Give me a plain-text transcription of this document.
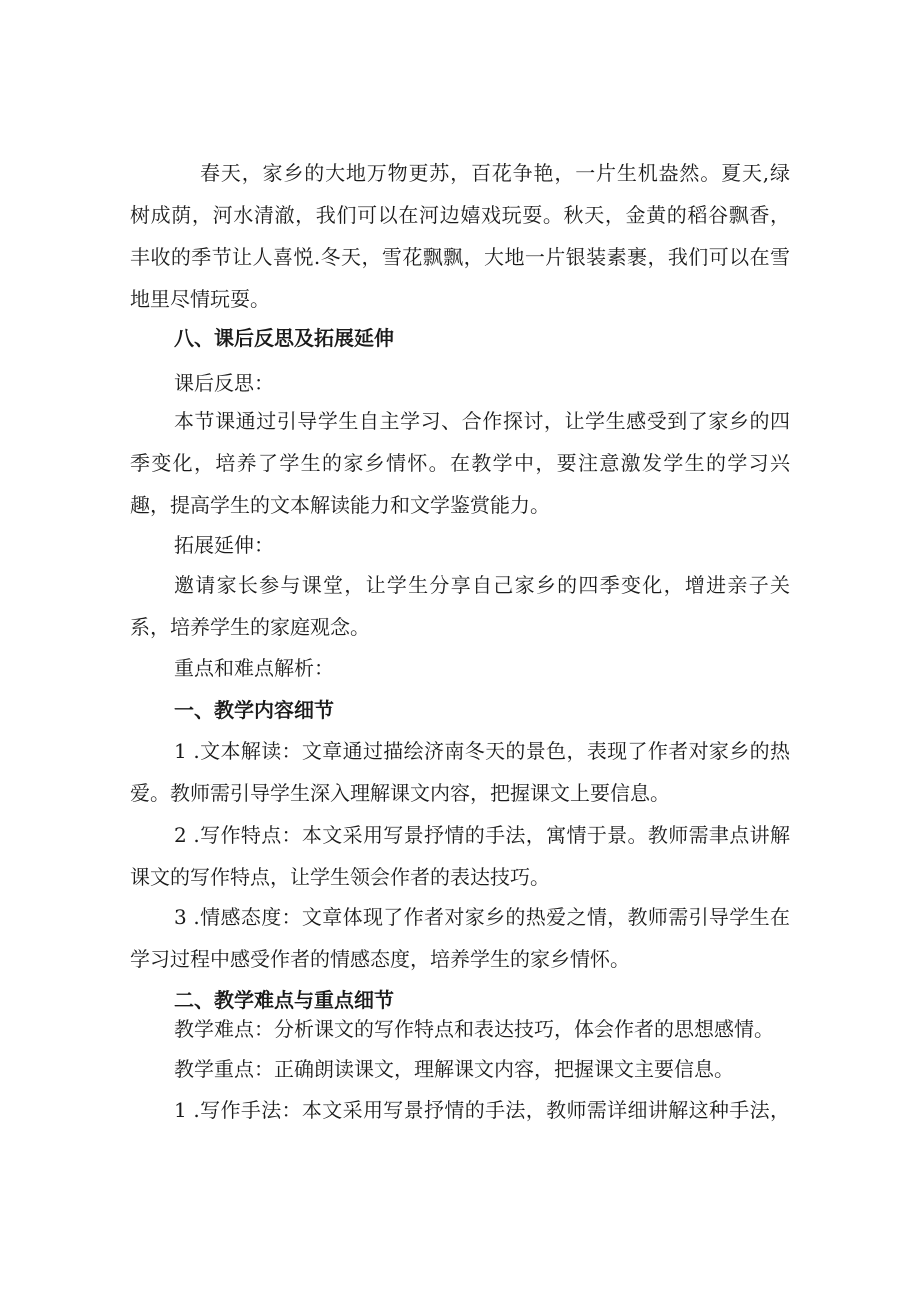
春天，家乡的大地万物更苏，百花争艳，一片生机盎然。夏天,绿
树成荫，河水清澈，我们可以在河边嬉戏玩耍。秋天，金黄的稻谷飘香，
丰收的季节让人喜悦.冬天，雪花飘飘，大地一片银装素裹，我们可以在雪
地里尽情玩耍。
八、课后反思及拓展延伸
课后反思：
本节课通过引导学生自主学习、合作探讨，让学生感受到了家乡的四
季变化，培养了学生的家乡情怀。在教学中，要注意激发学生的学习兴
趣，提高学生的文本解读能力和文学鉴赏能力。
拓展延伸：
邀请家长参与课堂，让学生分享自己家乡的四季变化，增进亲子关
系，培养学生的家庭观念。
重点和难点解析：
一、教学内容细节
1 .文本解读：文章通过描绘济南冬天的景色，表现了作者对家乡的热
爱。教师需引导学生深入理解课文内容，把握课文上要信息。
2 .写作特点：本文采用写景抒情的手法，寓情于景。教师需聿点讲解
课文的写作特点，让学生领会作者的表达技巧。
3 .情感态度：文章体现了作者对家乡的热爱之情，教师需引导学生在
学习过程中感受作者的情感态度，培养学生的家乡情怀。
二、教学难点与重点细节
教学难点：分析课文的写作特点和表达技巧，体会作者的思想感情。
教学重点：正确朗读课文，理解课文内容，把握课文主要信息。
1 .写作手法：本文采用写景抒情的手法，教师需详细讲解这种手法，
